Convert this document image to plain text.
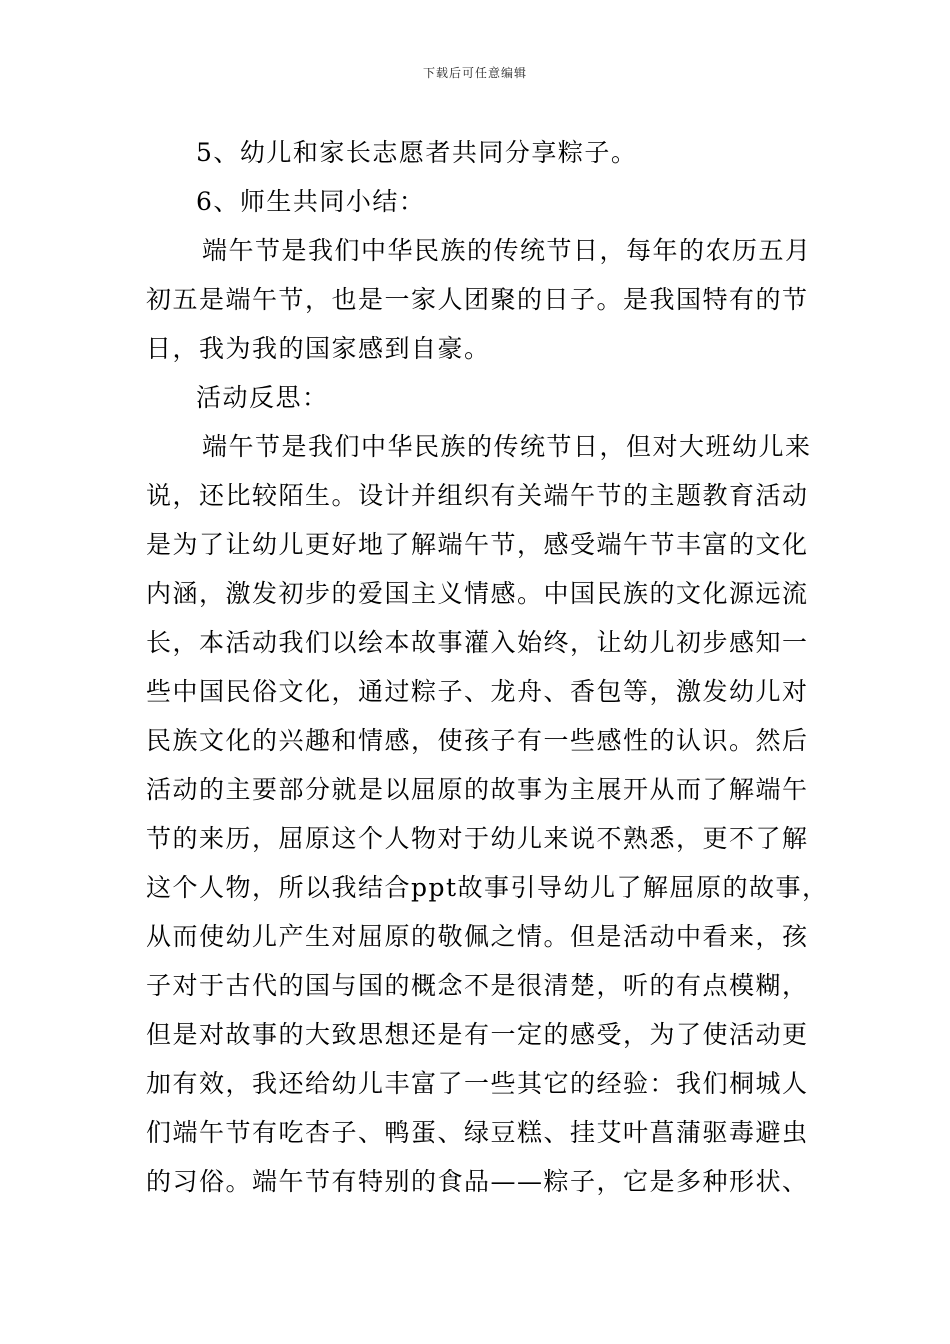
下载后可任意编辑
5、幼儿和家长志愿者共同分享粽子。
6、师生共同小结：
端午节是我们中华民族的传统节日，每年的农历五月
初五是端午节，也是一家人团聚的日子。是我国特有的节
日，我为我的国家感到自豪。
活动反思：
端午节是我们中华民族的传统节日，但对大班幼儿来
说，还比较陌生。设计并组织有关端午节的主题教育活动
是为了让幼儿更好地了解端午节，感受端午节丰富的文化
内涵，激发初步的爱国主义情感。中国民族的文化源远流
长，本活动我们以绘本故事灌入始终，让幼儿初步感知一
些中国民俗文化，通过粽子、龙舟、香包等，激发幼儿对
民族文化的兴趣和情感，使孩子有一些感性的认识。然后
活动的主要部分就是以屈原的故事为主展开从而了解端午
节的来历，屈原这个人物对于幼儿来说不熟悉，更不了解
这个人物，所以我结合ppt故事引导幼儿了解屈原的故事，
从而使幼儿产生对屈原的敬佩之情。但是活动中看来，孩
子对于古代的国与国的概念不是很清楚，听的有点模糊，
但是对故事的大致思想还是有一定的感受，为了使活动更
加有效，我还给幼儿丰富了一些其它的经验：我们桐城人
们端午节有吃杏子、鸭蛋、绿豆糕、挂艾叶菖蒲驱毒避虫
的习俗。端午节有特别的食品——粽子，它是多种形状、
